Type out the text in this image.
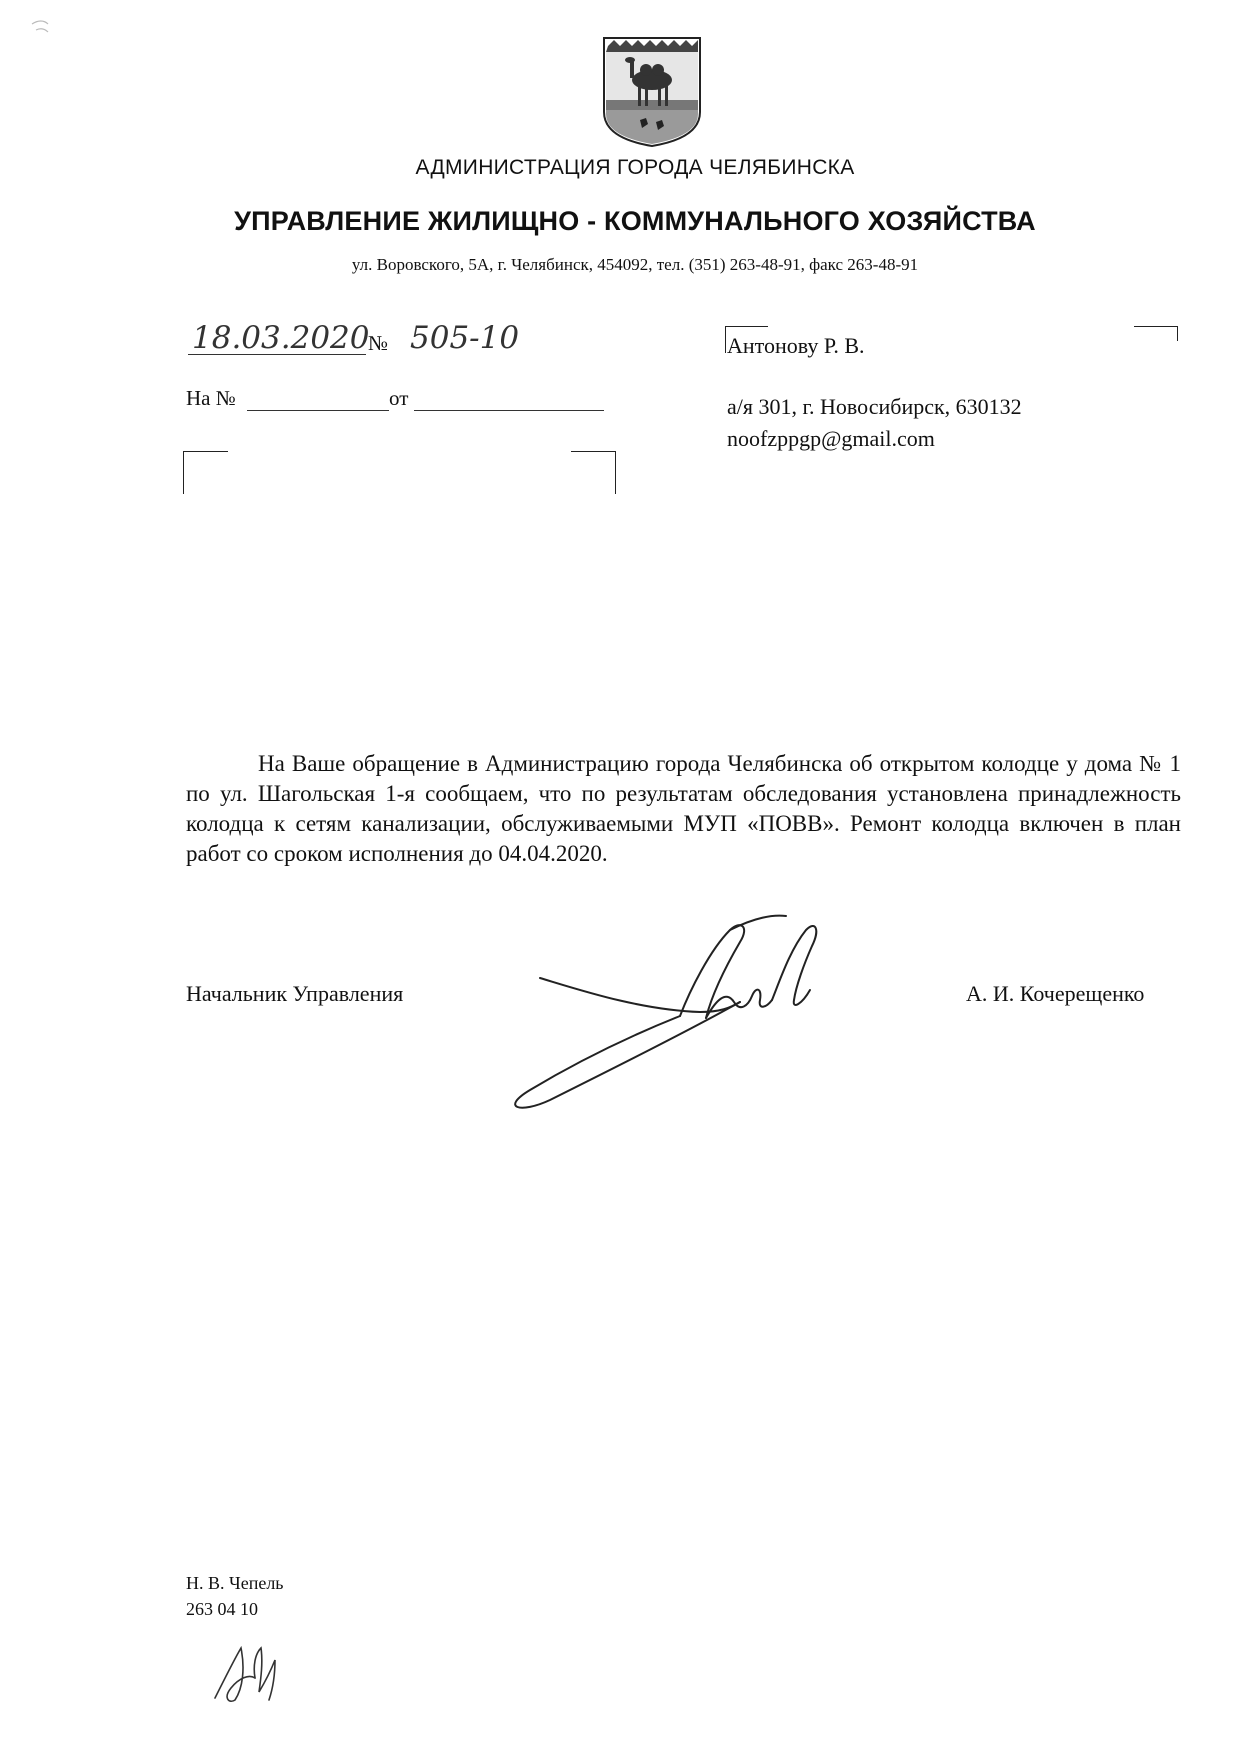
АДМИНИСТРАЦИЯ ГОРОДА ЧЕЛЯБИНСКА
УПРАВЛЕНИЕ ЖИЛИЩНО - КОММУНАЛЬНОГО ХОЗЯЙСТВА
ул. Воровского, 5А, г. Челябинск, 454092, тел. (351) 263-48-91, факс 263-48-91
18.03.2020
№ 505-10
На №	от
Антонову Р. В.
а/я 301, г. Новосибирск, 630132
noofzppgp@gmail.com
На Ваше обращение в Администрацию города Челябинска об открытом колодце у дома № 1 по ул. Шагольская 1-я сообщаем, что по результатам обследования установлена принадлежность колодца к сетям канализации, обслуживаемыми МУП «ПОВВ». Ремонт колодца включен в план работ со сроком исполнения до 04.04.2020.
Начальник Управления	А. И. Кочерещенко
Н. В. Чепель
263 04 10
